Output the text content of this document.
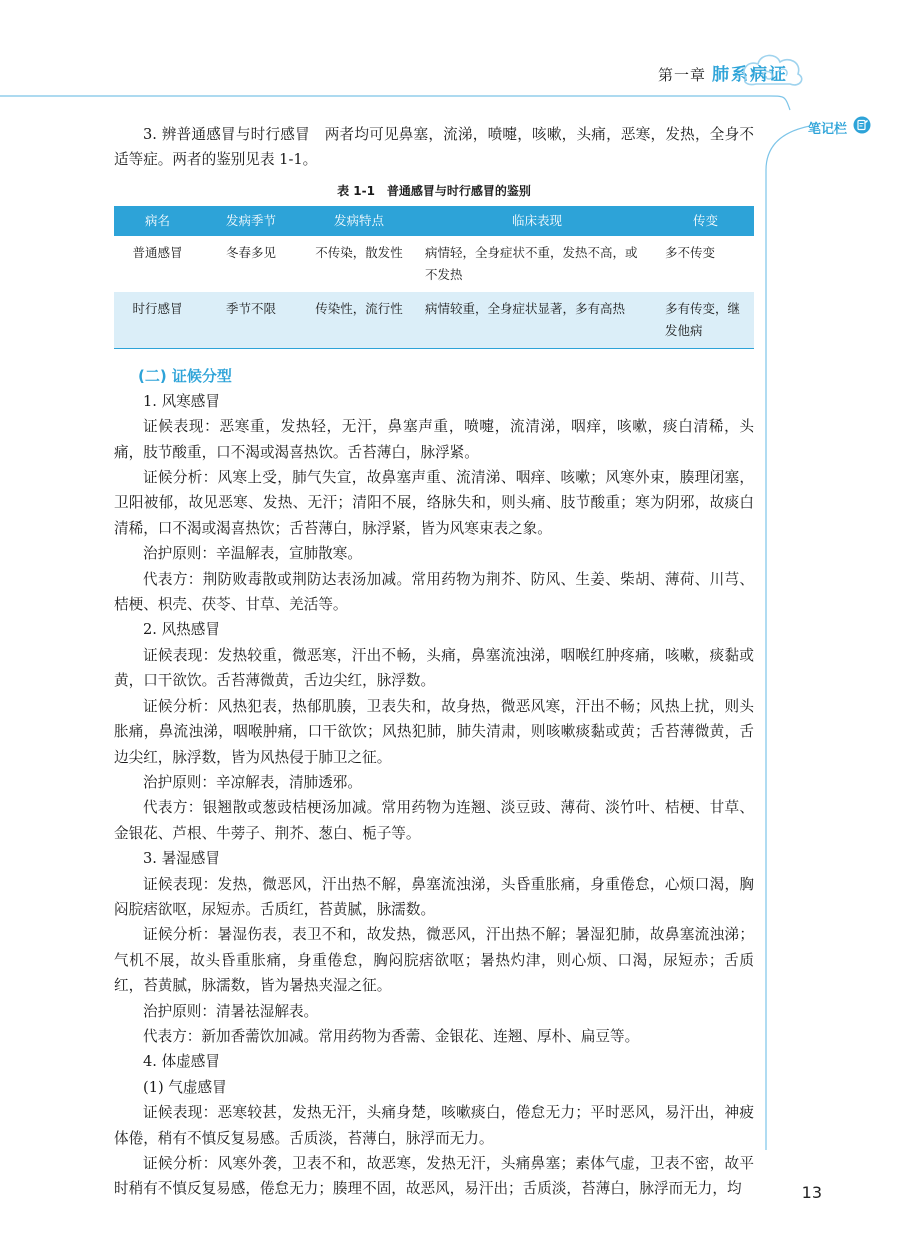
第一章 肺系病证
笔记栏

3. 辨普通感冒与时行感冒　两者均可见鼻塞，流涕，喷嚏，咳嗽，头痛，恶寒，发热，全身不适等症。两者的鉴别见表 1-1。

表 1-1　普通感冒与时行感冒的鉴别
病名	发病季节	发病特点	临床表现	传变
普通感冒	冬春多见	不传染，散发性	病情轻，全身症状不重，发热不高，或不发热	多不传变
时行感冒	季节不限	传染性，流行性	病情较重，全身症状显著，多有高热	多有传变，继发他病
(二) 证候分型

1. 风寒感冒

证候表现：恶寒重，发热轻，无汗，鼻塞声重，喷嚏，流清涕，咽痒，咳嗽，痰白清稀，头痛，肢节酸重，口不渴或渴喜热饮。舌苔薄白，脉浮紧。

证候分析：风寒上受，肺气失宣，故鼻塞声重、流清涕、咽痒、咳嗽；风寒外束，腠理闭塞，卫阳被郁，故见恶寒、发热、无汗；清阳不展，络脉失和，则头痛、肢节酸重；寒为阴邪，故痰白清稀，口不渴或渴喜热饮；舌苔薄白，脉浮紧，皆为风寒束表之象。

治护原则：辛温解表，宣肺散寒。

代表方：荆防败毒散或荆防达表汤加减。常用药物为荆芥、防风、生姜、柴胡、薄荷、川芎、桔梗、枳壳、茯苓、甘草、羌活等。

2. 风热感冒

证候表现：发热较重，微恶寒，汗出不畅，头痛，鼻塞流浊涕，咽喉红肿疼痛，咳嗽，痰黏或黄，口干欲饮。舌苔薄微黄，舌边尖红，脉浮数。

证候分析：风热犯表，热郁肌腠，卫表失和，故身热，微恶风寒，汗出不畅；风热上扰，则头胀痛，鼻流浊涕，咽喉肿痛，口干欲饮；风热犯肺，肺失清肃，则咳嗽痰黏或黄；舌苔薄微黄，舌边尖红，脉浮数，皆为风热侵于肺卫之征。

治护原则：辛凉解表，清肺透邪。

代表方：银翘散或葱豉桔梗汤加减。常用药物为连翘、淡豆豉、薄荷、淡竹叶、桔梗、甘草、金银花、芦根、牛蒡子、荆芥、葱白、栀子等。

3. 暑湿感冒

证候表现：发热，微恶风，汗出热不解，鼻塞流浊涕，头昏重胀痛，身重倦怠，心烦口渴，胸闷脘痞欲呕，尿短赤。舌质红，苔黄腻，脉濡数。

证候分析：暑湿伤表，表卫不和，故发热，微恶风，汗出热不解；暑湿犯肺，故鼻塞流浊涕；气机不展，故头昏重胀痛，身重倦怠，胸闷脘痞欲呕；暑热灼津，则心烦、口渴，尿短赤；舌质红，苔黄腻，脉濡数，皆为暑热夹湿之征。

治护原则：清暑祛湿解表。

代表方：新加香薷饮加减。常用药物为香薷、金银花、连翘、厚朴、扁豆等。

4. 体虚感冒

(1) 气虚感冒

证候表现：恶寒较甚，发热无汗，头痛身楚，咳嗽痰白，倦怠无力；平时恶风，易汗出，神疲体倦，稍有不慎反复易感。舌质淡，苔薄白，脉浮而无力。

证候分析：风寒外袭，卫表不和，故恶寒，发热无汗，头痛鼻塞；素体气虚，卫表不密，故平时稍有不慎反复易感，倦怠无力；腠理不固，故恶风，易汗出；舌质淡，苔薄白，脉浮而无力，均	13
